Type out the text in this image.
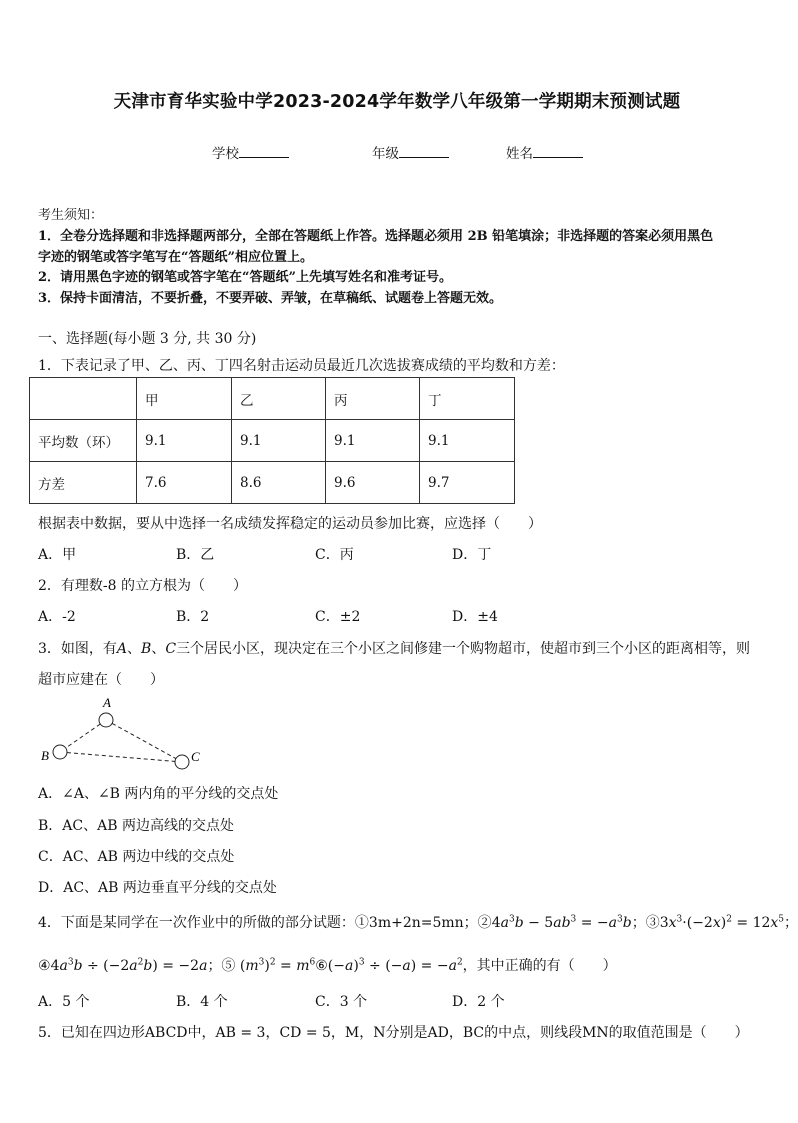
天津市育华实验中学2023-2024学年数学八年级第一学期期末预测试题
学校	年级	姓名
考生须知：
1．全卷分选择题和非选择题两部分，全部在答题纸上作答。选择题必须用 2B 铅笔填涂；非选择题的答案必须用黑色
字迹的钢笔或答字笔写在“答题纸”相应位置上。
2．请用黑色字迹的钢笔或答字笔在“答题纸”上先填写姓名和准考证号。
3．保持卡面清洁，不要折叠，不要弄破、弄皱，在草稿纸、试题卷上答题无效。
一、选择题(每小题 3 分, 共 30 分)
1．下表记录了甲、乙、丙、丁四名射击运动员最近几次选拔赛成绩的平均数和方差：
	甲	乙	丙	丁
平均数（环）	9.1	9.1	9.1	9.1
方差	7.6	8.6	9.6	9.7
根据表中数据，要从中选择一名成绩发挥稳定的运动员参加比赛，应选择（　　）
A．甲	B．乙	C．丙	D．丁
2．有理数-8 的立方根为（　　）
A．-2	B．2	C．±2	D．±4
3．如图，有A、B、C三个居民小区，现决定在三个小区之间修建一个购物超市，使超市到三个小区的距离相等，则
超市应建在（　　）
A
B	C
A．∠A、∠B 两内角的平分线的交点处
B．AC、AB 两边高线的交点处
C．AC、AB 两边中线的交点处
D．AC、AB 两边垂直平分线的交点处
4．下面是某同学在一次作业中的所做的部分试题：①3m+2n=5mn；$②4a^3b - 5ab^3 = -a^3b$；$③3x^3\cdot(-2x)^2 = 12x^5$；
$④4a^3b \div (-2a^2b) = -2a$；⑤ $(m^3)^2$ = $m^6⑥(-a)^3 \div (-a) = -a^2$，其中正确的有（　　）
A．5 个	B．4 个	C．3 个	D．2 个
5．已知在四边形ABCD中，AB = 3，CD = 5，M，N分别是AD，BC的中点，则线段MN的取值范围是（　　）
